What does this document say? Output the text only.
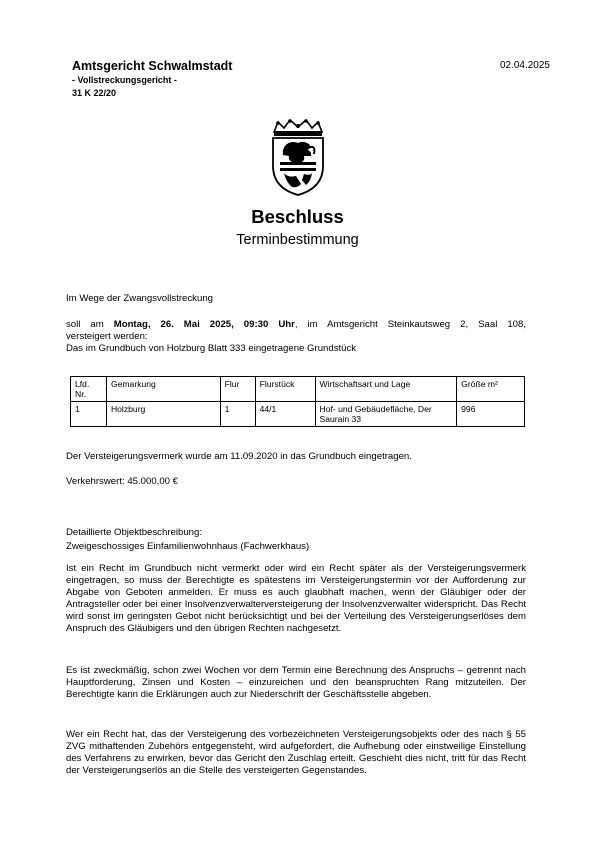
Amtsgericht Schwalmstadt
- Vollstreckungsgericht -
31 K 22/20
02.04.2025
Beschluss
Terminbestimmung
Im Wege der Zwangsvollstreckung
soll am Montag, 26. Mai 2025, 09:30 Uhr, im Amtsgericht Steinkautsweg 2, Saal 108,
versteigert werden:
Das im Grundbuch von Holzburg Blatt 333 eingetragene Grundstück
Lfd. Nr.	Gemarkung	Flur	Flurstück	Wirtschaftsart und Lage	Größe m²
1	Holzburg	1	44/1	Hof- und Gebäudefläche, Der Saurain 33	996
Der Versteigerungsvermerk wurde am 11.09.2020 in das Grundbuch eingetragen.
Verkehrswert: 45.000,00 €
Detaillierte Objektbeschreibung:
Zweigeschossiges Einfamilienwohnhaus (Fachwerkhaus)
Ist ein Recht im Grundbuch nicht vermerkt oder wird ein Recht später als der Versteigerungsvermerk eingetragen, so muss der Berechtigte es spätestens im Versteigerungstermin vor der Aufforderung zur Abgabe von Geboten anmelden. Er muss es auch glaubhaft machen, wenn der Gläubiger oder der Antragsteller oder bei einer Insolvenzverwalterversteigerung der Insolvenzverwalter widerspricht. Das Recht wird sonst im geringsten Gebot nicht berücksichtigt und bei der Verteilung des Versteigerungserlöses dem Anspruch des Gläubigers und den übrigen Rechten nachgesetzt.
Es ist zweckmäßig, schon zwei Wochen vor dem Termin eine Berechnung des Anspruchs – getrennt nach Hauptforderung, Zinsen und Kosten – einzureichen und den beanspruchten Rang mitzuteilen. Der Berechtigte kann die Erklärungen auch zur Niederschrift der Geschäftsstelle abgeben.
Wer ein Recht hat, das der Versteigerung des vorbezeichneten Versteigerungsobjekts oder des nach § 55 ZVG mithaftenden Zubehörs entgegensteht, wird aufgefordert, die Aufhebung oder einstweilige Einstellung des Verfahrens zu erwirken, bevor das Gericht den Zuschlag erteilt. Geschieht dies nicht, tritt für das Recht der Versteigerungserlös an die Stelle des versteigerten Gegenstandes.
